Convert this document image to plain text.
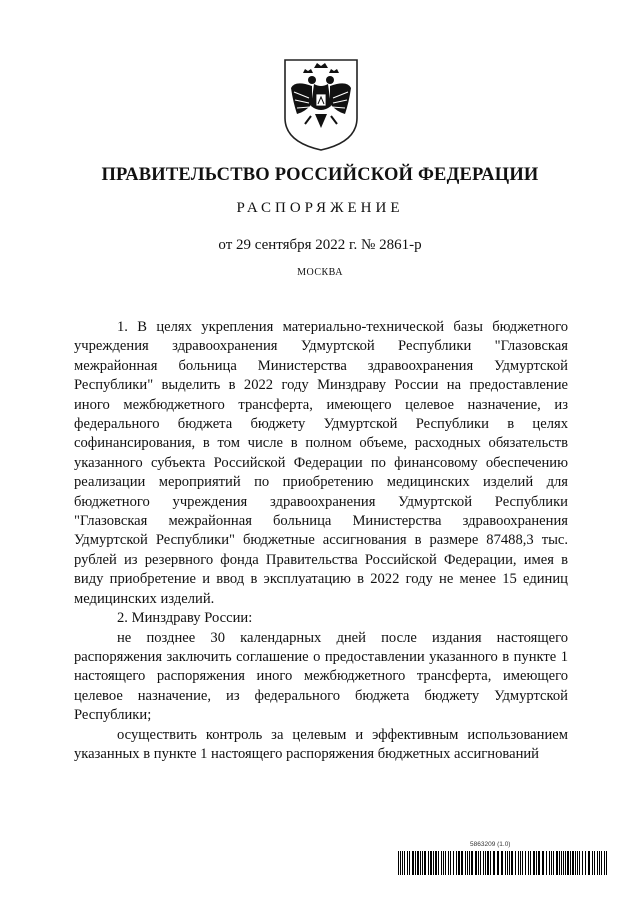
ПРАВИТЕЛЬСТВО РОССИЙСКОЙ ФЕДЕРАЦИИ
РАСПОРЯЖЕНИЕ
от 29 сентября 2022 г. № 2861-р
МОСКВА

1. В целях укрепления материально-технической базы бюджетного учреждения здравоохранения Удмуртской Республики "Глазовская межрайонная больница Министерства здравоохранения Удмуртской Республики" выделить в 2022 году Минздраву России на предоставление иного межбюджетного трансферта, имеющего целевое назначение, из федерального бюджета бюджету Удмуртской Республики в целях софинансирования, в том числе в полном объеме, расходных обязательств указанного субъекта Российской Федерации по финансовому обеспечению реализации мероприятий по приобретению медицинских изделий для бюджетного учреждения здравоохранения Удмуртской Республики "Глазовская межрайонная больница Министерства здравоохранения Удмуртской Республики" бюджетные ассигнования в размере 87488,3 тыс. рублей из резервного фонда Правительства Российской Федерации, имея в виду приобретение и ввод в эксплуатацию в 2022 году не менее 15 единиц медицинских изделий.

2. Минздраву России:

не позднее 30 календарных дней после издания настоящего распоряжения заключить соглашение о предоставлении указанного в пункте 1 настоящего распоряжения иного межбюджетного трансферта, имеющего целевое назначение, из федерального бюджета бюджету Удмуртской Республики;

осуществить контроль за целевым и эффективным использованием указанных в пункте 1 настоящего распоряжения бюджетных ассигнований

5863209 (1.0)
